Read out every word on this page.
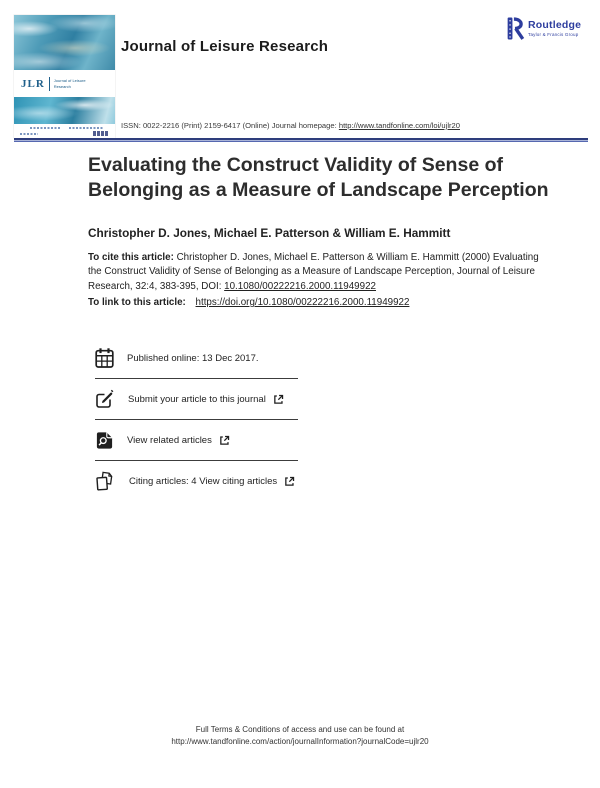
JLR Journal of Leisure Research
Journal of Leisure Research
Routledge
Taylor & Francis Group
ISSN: 0022-2216 (Print) 2159-6417 (Online) Journal homepage: http://www.tandfonline.com/loi/ujlr20
Evaluating the Construct Validity of Sense of Belonging as a Measure of Landscape Perception
Christopher D. Jones, Michael E. Patterson & William E. Hammitt

To cite this article: Christopher D. Jones, Michael E. Patterson & William E. Hammitt (2000) Evaluating the Construct Validity of Sense of Belonging as a Measure of Landscape Perception, Journal of Leisure Research, 32:4, 383-395, DOI: 10.1080/00222216.2000.11949922

To link to this article: https://doi.org/10.1080/00222216.2000.11949922

Published online: 13 Dec 2017.
Submit your article to this journal
View related articles
Citing articles: 4 View citing articles
Full Terms & Conditions of access and use can be found at
http://www.tandfonline.com/action/journalInformation?journalCode=ujlr20
